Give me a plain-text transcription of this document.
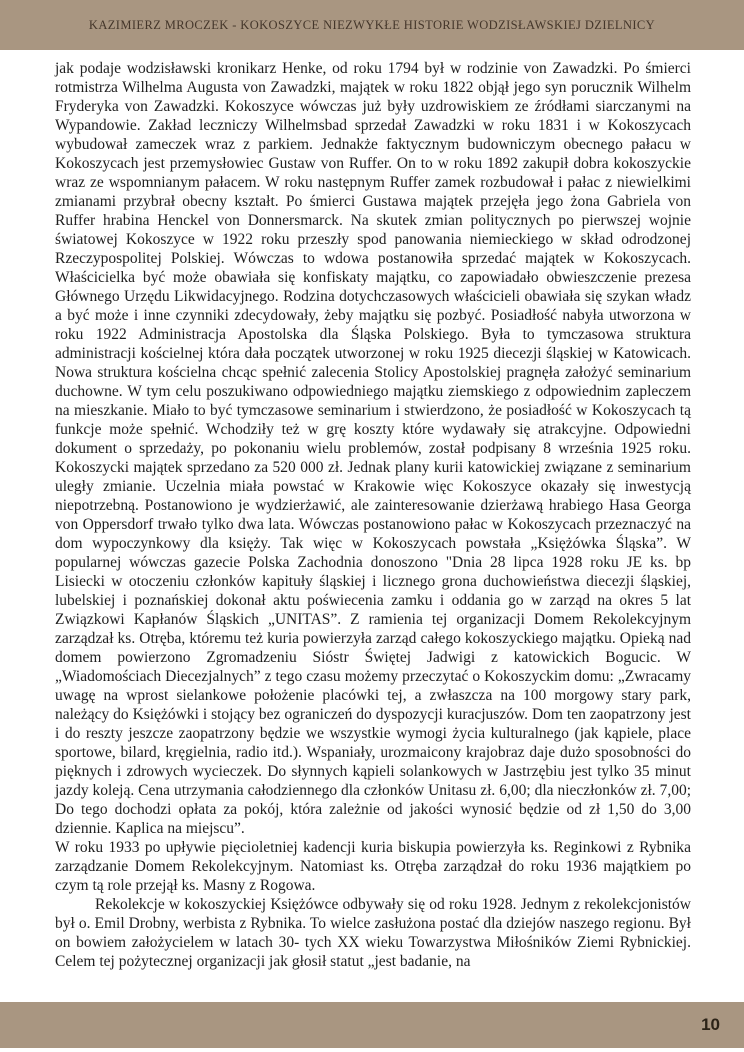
KAZIMIERZ MROCZEK - KOKOSZYCE NIEZWYKŁE HISTORIE WODZISŁAWSKIEJ DZIELNICY

jak podaje wodzisławski kronikarz Henke, od roku 1794 był w rodzinie von Zawadzki. Po śmierci rotmistrza Wilhelma Augusta von Zawadzki, majątek w roku 1822 objął jego syn porucznik Wilhelm Fryderyka von Zawadzki. Kokoszyce wówczas już były uzdrowiskiem ze źródłami siarczanymi na Wypandowie. Zakład leczniczy Wilhelmsbad sprzedał Zawadzki w roku 1831 i w Kokoszycach wybudował zameczek wraz z parkiem. Jednakże faktycznym budowniczym obecnego pałacu w Kokoszycach jest przemysłowiec Gustaw von Ruffer. On to w roku 1892 zakupił dobra kokoszyckie wraz ze wspomnianym pałacem. W roku następnym Ruffer zamek rozbudował i pałac z niewielkimi zmianami przybrał obecny kształt. Po śmierci Gustawa majątek przejęła jego żona Gabriela von Ruffer hrabina Henckel von Donnersmarck. Na skutek zmian politycznych po pierwszej wojnie światowej Kokoszyce w 1922 roku przeszły spod panowania niemieckiego w skład odrodzonej Rzeczypospolitej Polskiej. Wówczas to wdowa postanowiła sprzedać majątek w Kokoszycach. Właścicielka być może obawiała się konfiskaty majątku, co zapowiadało obwieszczenie prezesa Głównego Urzędu Likwidacyjnego. Rodzina dotychczasowych właścicieli obawiała się szykan władz a być może i inne czynniki zdecydowały, żeby majątku się pozbyć. Posiadłość nabyła utworzona w roku 1922 Administracja Apostolska dla Śląska Polskiego. Była to tymczasowa struktura administracji kościelnej która dała początek utworzonej w roku 1925 diecezji śląskiej w Katowicach. Nowa struktura kościelna chcąc spełnić zalecenia Stolicy Apostolskiej pragnęła założyć seminarium duchowne. W tym celu poszukiwano odpowiedniego majątku ziemskiego z odpowiednim zapleczem na mieszkanie. Miało to być tymczasowe seminarium i stwierdzono, że posiadłość w Kokoszycach tą funkcje może spełnić. Wchodziły też w grę koszty które wydawały się atrakcyjne. Odpowiedni dokument o sprzedaży, po pokonaniu wielu problemów, został podpisany 8 września 1925 roku. Kokoszycki majątek sprzedano za 520 000 zł. Jednak plany kurii katowickiej związane z seminarium uległy zmianie. Uczelnia miała powstać w Krakowie więc Kokoszyce okazały się inwestycją niepotrzebną. Postanowiono je wydzierżawić, ale zainteresowanie dzierżawą hrabiego Hasa Georga von Oppersdorf trwało tylko dwa lata. Wówczas postanowiono pałac w Kokoszycach przeznaczyć na dom wypoczynkowy dla księży. Tak więc w Kokoszycach powstała „Księżówka Śląska”. W popularnej wówczas gazecie Polska Zachodnia donoszono "Dnia 28 lipca 1928 roku JE ks. bp Lisiecki w otoczeniu członków kapituły śląskiej i licznego grona duchowieństwa diecezji śląskiej, lubelskiej i poznańskiej dokonał aktu poświecenia zamku i oddania go w zarząd na okres 5 lat Związkowi Kapłanów Śląskich „UNITAS”. Z ramienia tej organizacji Domem Rekolekcyjnym zarządzał ks. Otręba, któremu też kuria powierzyła zarząd całego kokoszyckiego majątku. Opieką nad domem powierzono Zgromadzeniu Sióstr Świętej Jadwigi z katowickich Bogucic. W „Wiadomościach Diecezjalnych” z tego czasu możemy przeczytać o Kokoszyckim domu: „Zwracamy uwagę na wprost sielankowe położenie placówki tej, a zwłaszcza na 100 morgowy stary park, należący do Księżówki i stojący bez ograniczeń do dyspozycji kuracjuszów. Dom ten zaopatrzony jest i do reszty jeszcze zaopatrzony będzie we wszystkie wymogi życia kulturalnego (jak kąpiele, place sportowe, bilard, kręgielnia, radio itd.). Wspaniały, urozmaicony krajobraz daje dużo sposobności do pięknych i zdrowych wycieczek. Do słynnych kąpieli solankowych w Jastrzębiu jest tylko 35 minut jazdy koleją. Cena utrzymania całodziennego dla członków Unitasu zł. 6,00; dla nieczłonków zł. 7,00; Do tego dochodzi opłata za pokój, która zależnie od jakości wynosić będzie od zł 1,50 do 3,00 dziennie. Kaplica na miejscu”.

W roku 1933 po upływie pięcioletniej kadencji kuria biskupia powierzyła ks. Reginkowi z Rybnika zarządzanie Domem Rekolekcyjnym. Natomiast ks. Otręba zarządzał do roku 1936 majątkiem po czym tą role przejął ks. Masny z Rogowa.

Rekolekcje w kokoszyckiej Księżówce odbywały się od roku 1928. Jednym z rekolekcjonistów był o. Emil Drobny, werbista z Rybnika. To wielce zasłużona postać dla dziejów naszego regionu. Był on bowiem założycielem w latach 30- tych XX wieku Towarzystwa Miłośników Ziemi Rybnickiej. Celem tej pożytecznej organizacji jak głosił statut „jest badanie, na

10
